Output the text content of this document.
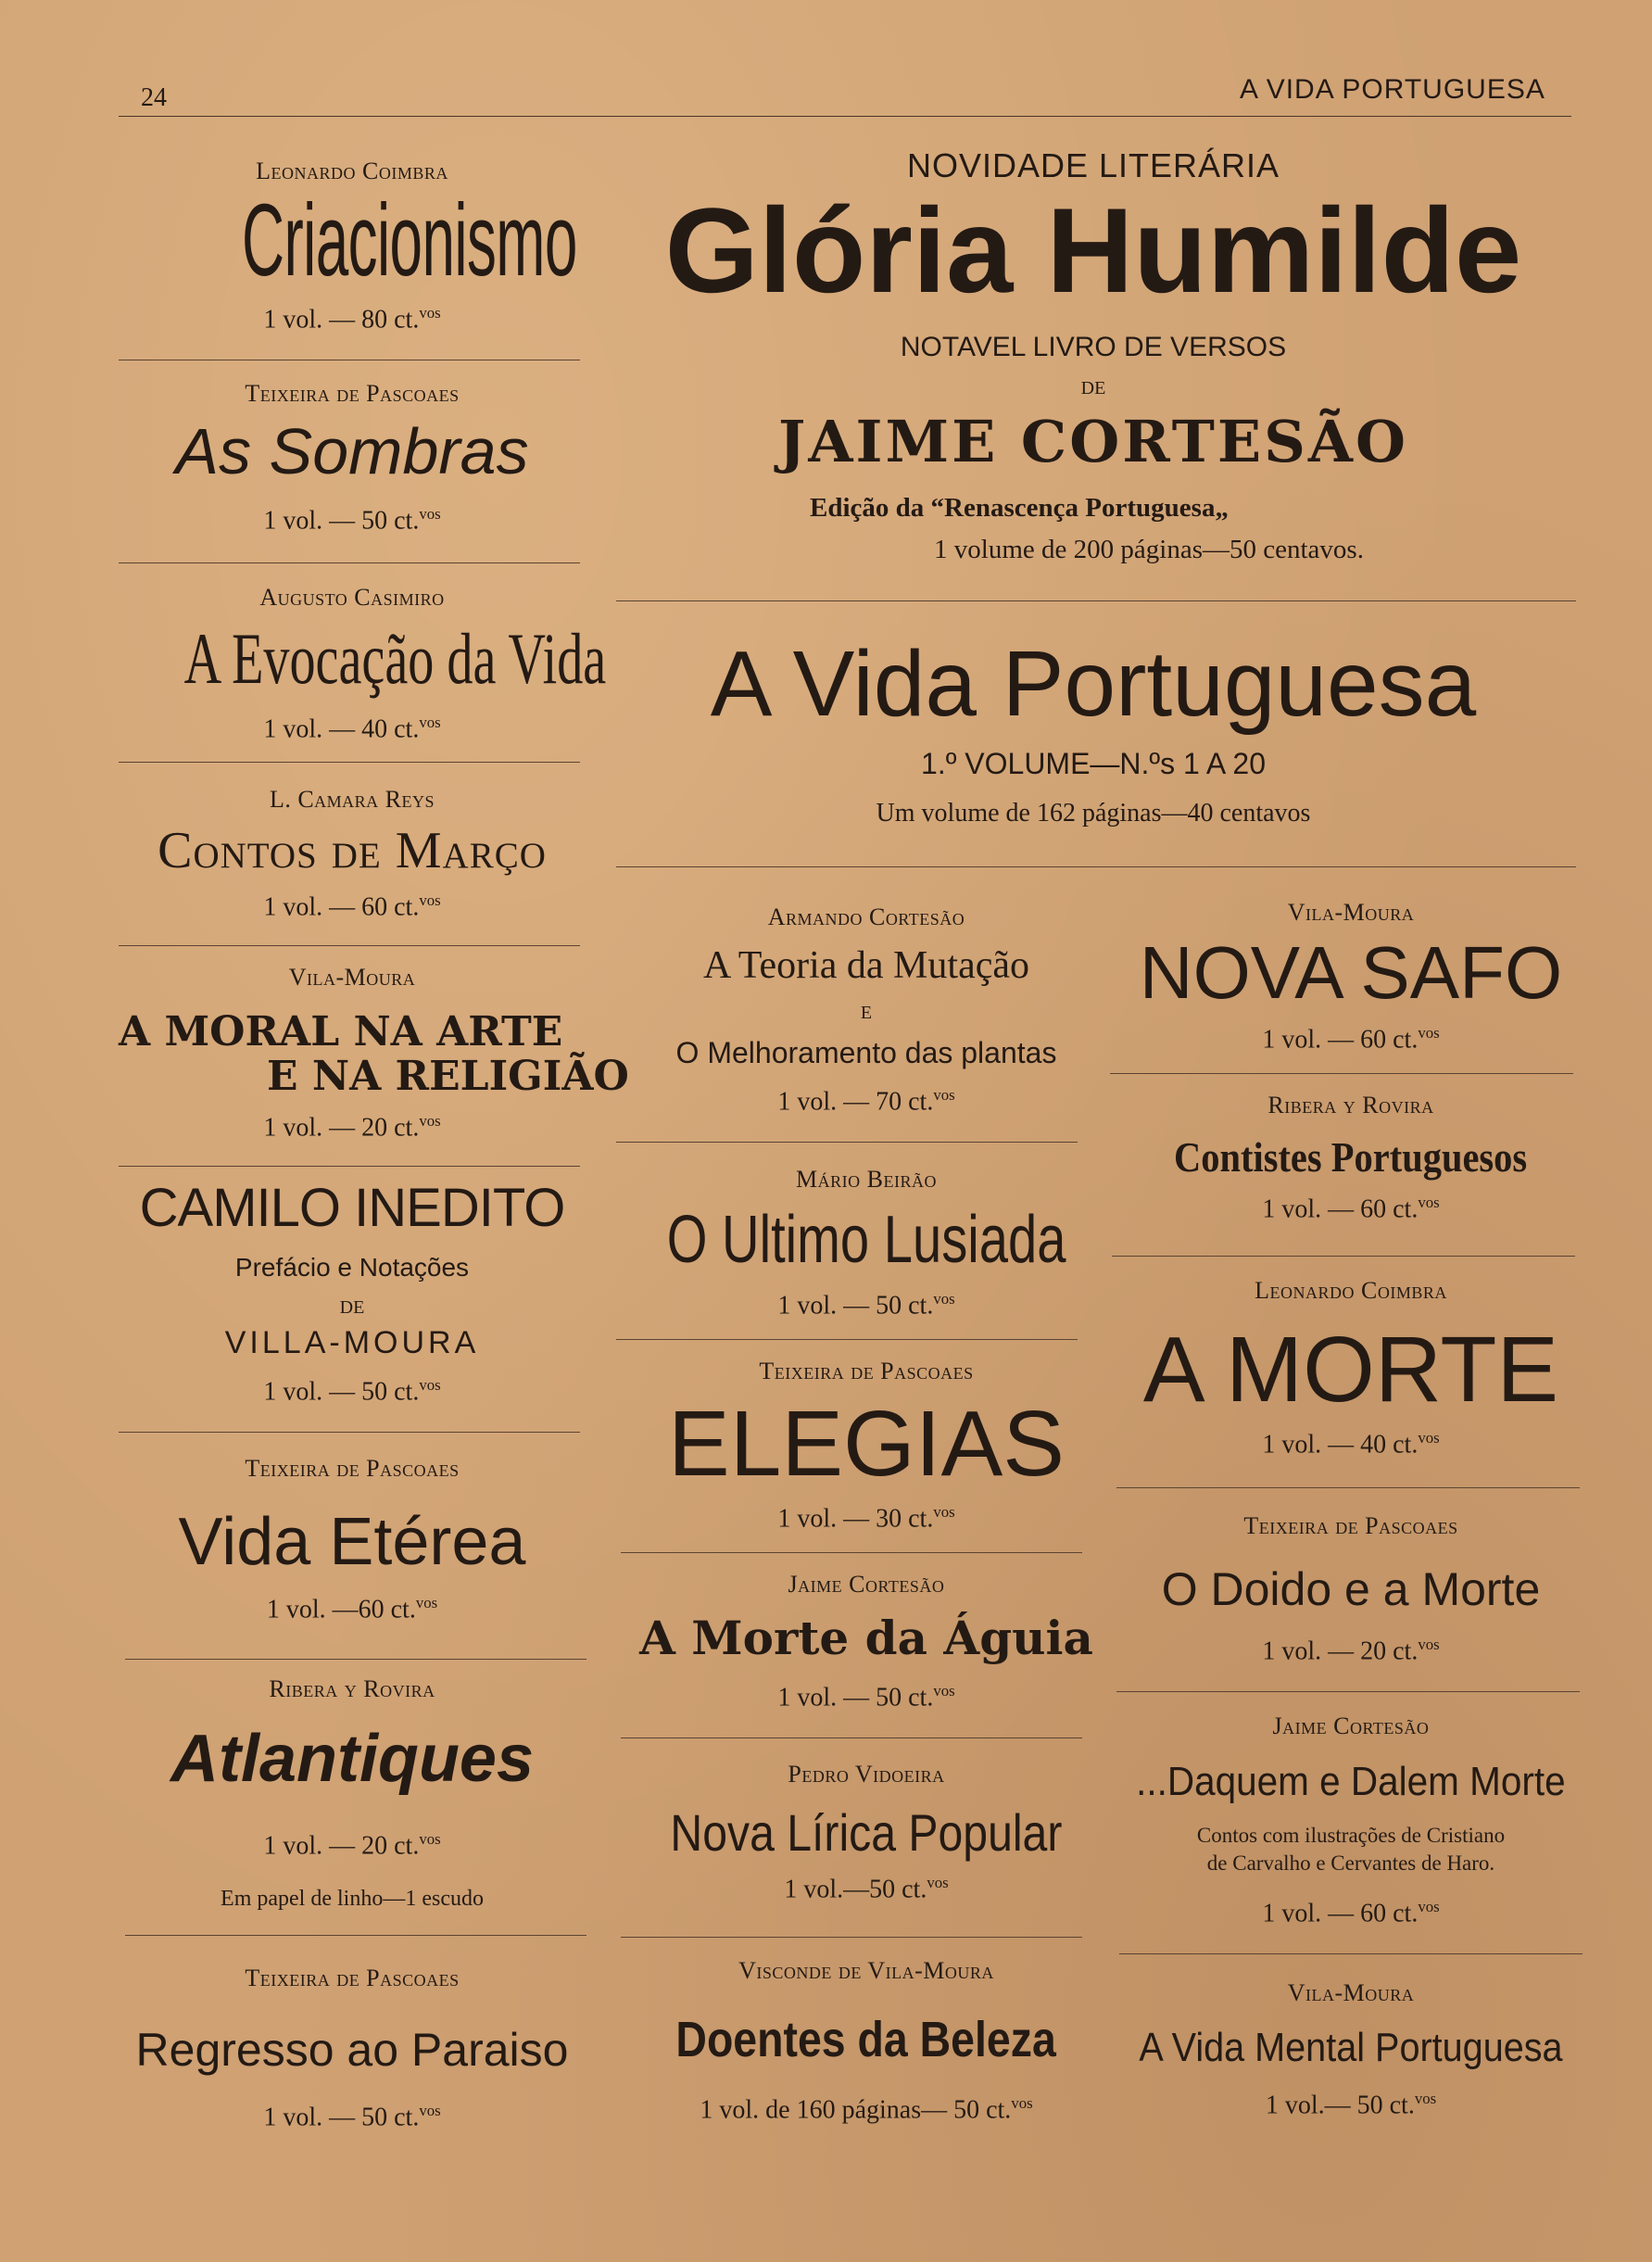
24	A VIDA PORTUGUESA
Leonardo Coimbra
Criacionismo
1 vol. — 80 ct.$^{vos}$
Teixeira de Pascoaes
As Sombras
1 vol. — 50 ct.$^{vos}$
Augusto Casimiro
A Evocação da Vida
1 vol. — 40 ct.$^{vos}$
L. Camara Reys
Contos de Março
1 vol. — 60 ct.$^{vos}$
Vila-Moura
A MORAL NA ARTE
E NA RELIGIÃO
1 vol. — 20 ct.$^{vos}$
CAMILO INEDITO
Prefácio e Notações
DE
VILLA-MOURA
1 vol. — 50 ct.$^{vos}$
Teixeira de Pascoaes
Vida Etérea
1 vol. —60 ct.$^{vos}$
Ribera y Rovira
Atlantiques
1 vol. — 20 ct.$^{vos}$
Em papel de linho—1 escudo
Teixeira de Pascoaes
Regresso ao Paraiso
1 vol. — 50 ct.$^{vos}$
NOVIDADE LITERÁRIA
Glória Humilde
NOTAVEL LIVRO DE VERSOS
DE
JAIME CORTESÃO
Edição da “Renascença Portuguesa„
1 volume de 200 páginas—50 centavos.
A Vida Portuguesa
1.º VOLUME—N.ºs 1 A 20
Um volume de 162 páginas—40 centavos
Armando Cortesão
A Teoria da Mutação
E
O Melhoramento das plantas
1 vol. — 70 ct.$^{vos}$
Mário Beirão
O Ultimo Lusiada
1 vol. — 50 ct.$^{vos}$
Teixeira de Pascoaes
ELEGIAS
1 vol. — 30 ct.$^{vos}$
Jaime Cortesão
A Morte da Águia
1 vol. — 50 ct.$^{vos}$
Pedro Vidoeira
Nova Lírica Popular
1 vol.—50 ct.$^{vos}$
Visconde de Vila-Moura
Doentes da Beleza
1 vol. de 160 páginas— 50 ct.$^{vos}$
Vila-Moura
NOVA SAFO
1 vol. — 60 ct.$^{vos}$
Ribera y Rovira
Contistes Portuguesos
1 vol. — 60 ct.$^{vos}$
Leonardo Coimbra
A MORTE
1 vol. — 40 ct.$^{vos}$
Teixeira de Pascoaes
O Doido e a Morte
1 vol. — 20 ct.$^{vos}$
Jaime Cortesão
...Daquem e Dalem Morte
Contos com ilustrações de Cristiano
de Carvalho e Cervantes de Haro.
1 vol. — 60 ct.$^{vos}$
Vila-Moura
A Vida Mental Portuguesa
1 vol.— 50 ct.$^{vos}$
